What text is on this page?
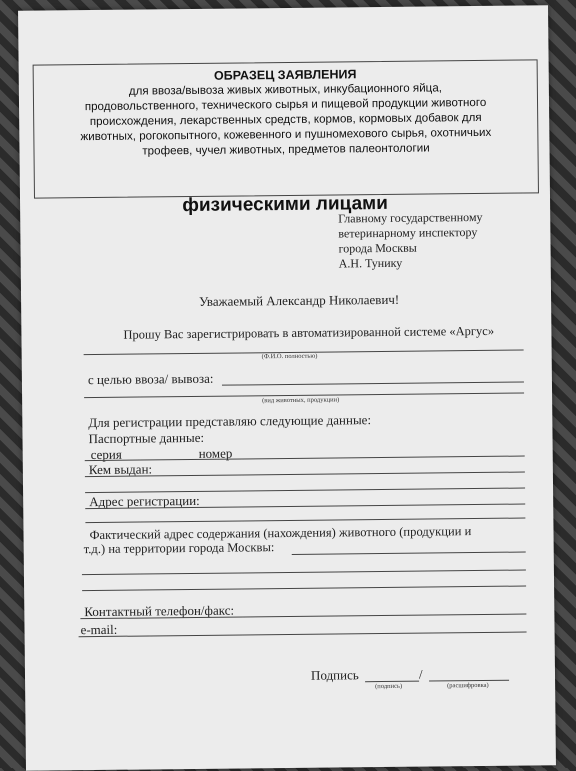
ОБРАЗЕЦ ЗАЯВЛЕНИЯ
для ввоза/вывоза живых животных, инкубационного яйца,
продовольственного, технического сырья и пищевой продукции животного
происхождения, лекарственных средств, кормов, кормовых добавок для
животных, рогокопытного, кожевенного и пушномехового сырья, охотничьих
трофеев, чучел животных, предметов палеонтологии
физическими лицами
Главному государственному
ветеринарному инспектору
города Москвы
А.Н. Тунику
Уважаемый Александр Николаевич!
Прошу Вас зарегистрировать в автоматизированной системе «Аргус»
(Ф.И.О. полностью)
с целью ввоза/ вывоза:
(вид животных, продукции)
Для регистрации представляю следующие данные:
Паспортные данные:
серия	номер
Кем выдан:
Адрес регистрации:
Фактический адрес содержания (нахождения) животного (продукции и
т.д.) на территории города Москвы:
Контактный телефон/факс:
e-mail:
Подпись	/
(подпись)	(расшифровка)
